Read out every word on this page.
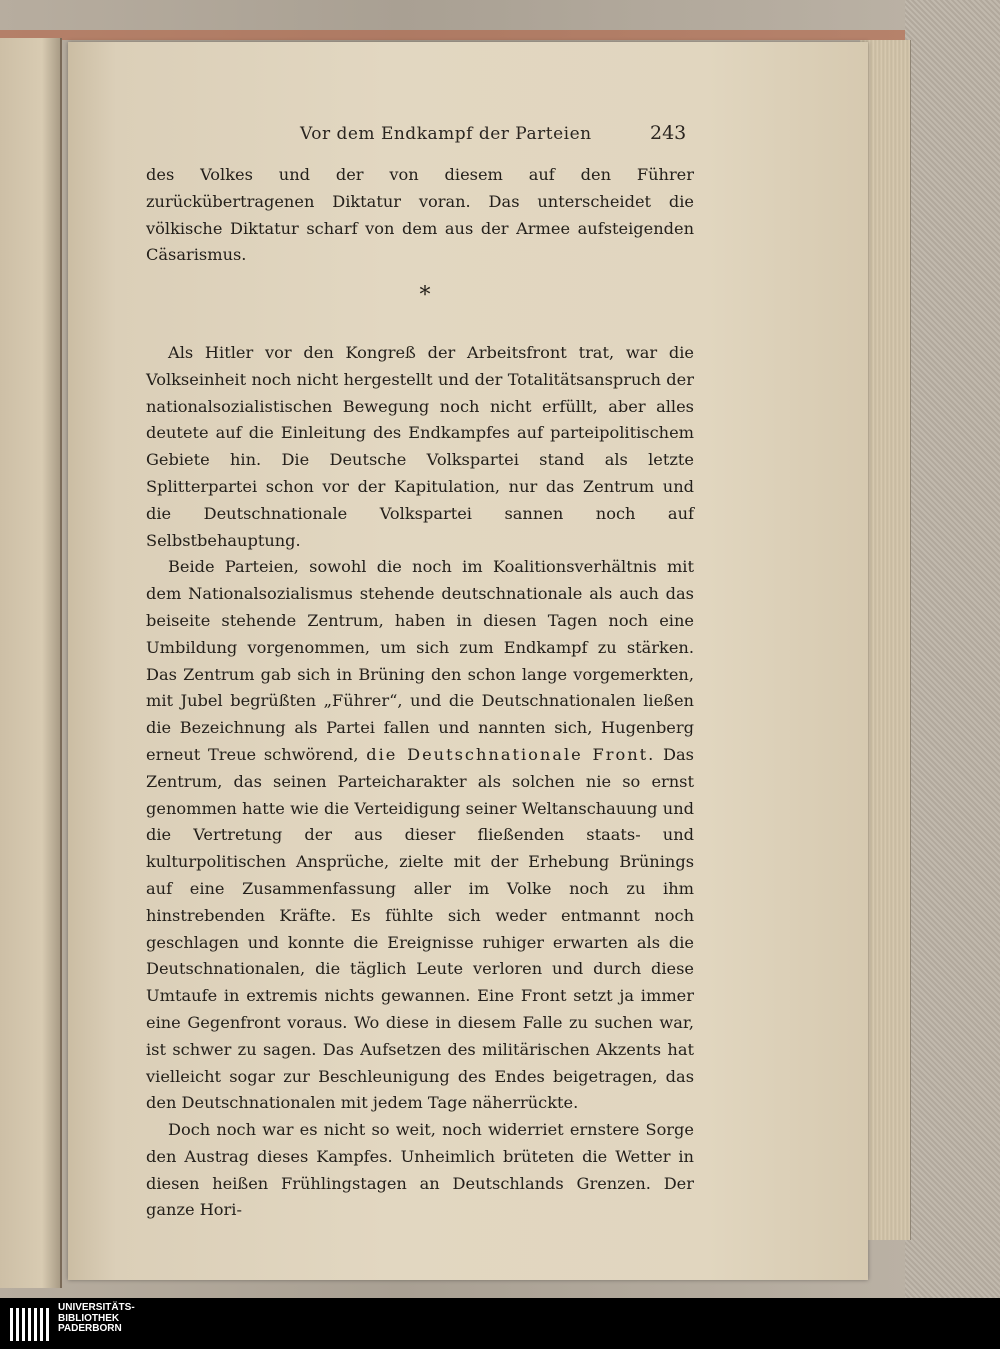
Vor dem Endkampf der Parteien	243

des Volkes und der von diesem auf den Führer zurückübertragenen Diktatur voran. Das unterscheidet die völkische Diktatur scharf von dem aus der Armee aufsteigenden Cäsarismus.

*

Als Hitler vor den Kongreß der Arbeitsfront trat, war die Volkseinheit noch nicht hergestellt und der Totalitätsanspruch der nationalsozialistischen Bewegung noch nicht erfüllt, aber alles deutete auf die Einleitung des Endkampfes auf parteipolitischem Gebiete hin. Die Deutsche Volkspartei stand als letzte Splitterpartei schon vor der Kapitulation, nur das Zentrum und die Deutschnationale Volkspartei sannen noch auf Selbstbehauptung.

Beide Parteien, sowohl die noch im Koalitionsverhältnis mit dem Nationalsozialismus stehende deutschnationale als auch das beiseite stehende Zentrum, haben in diesen Tagen noch eine Umbildung vorgenommen, um sich zum Endkampf zu stärken. Das Zentrum gab sich in Brüning den schon lange vorgemerkten, mit Jubel begrüßten „Führer“, und die Deutschnationalen ließen die Bezeichnung als Partei fallen und nannten sich, Hugenberg erneut Treue schwörend, die Deutschnationale Front. Das Zentrum, das seinen Parteicharakter als solchen nie so ernst genommen hatte wie die Verteidigung seiner Weltanschauung und die Vertretung der aus dieser fließenden staats- und kulturpolitischen Ansprüche, zielte mit der Erhebung Brünings auf eine Zusammenfassung aller im Volke noch zu ihm hinstrebenden Kräfte. Es fühlte sich weder entmannt noch geschlagen und konnte die Ereignisse ruhiger erwarten als die Deutschnationalen, die täglich Leute verloren und durch diese Umtaufe in extremis nichts gewannen. Eine Front setzt ja immer eine Gegenfront voraus. Wo diese in diesem Falle zu suchen war, ist schwer zu sagen. Das Aufsetzen des militärischen Akzents hat vielleicht sogar zur Beschleunigung des Endes beigetragen, das den Deutschnationalen mit jedem Tage näherrückte.

Doch noch war es nicht so weit, noch widerriet ernstere Sorge den Austrag dieses Kampfes. Unheimlich brüteten die Wetter in diesen heißen Frühlingstagen an Deutschlands Grenzen. Der ganze Hori-

UNIVERSITÄTS-
BIBLIOTHEK
PADERBORN
